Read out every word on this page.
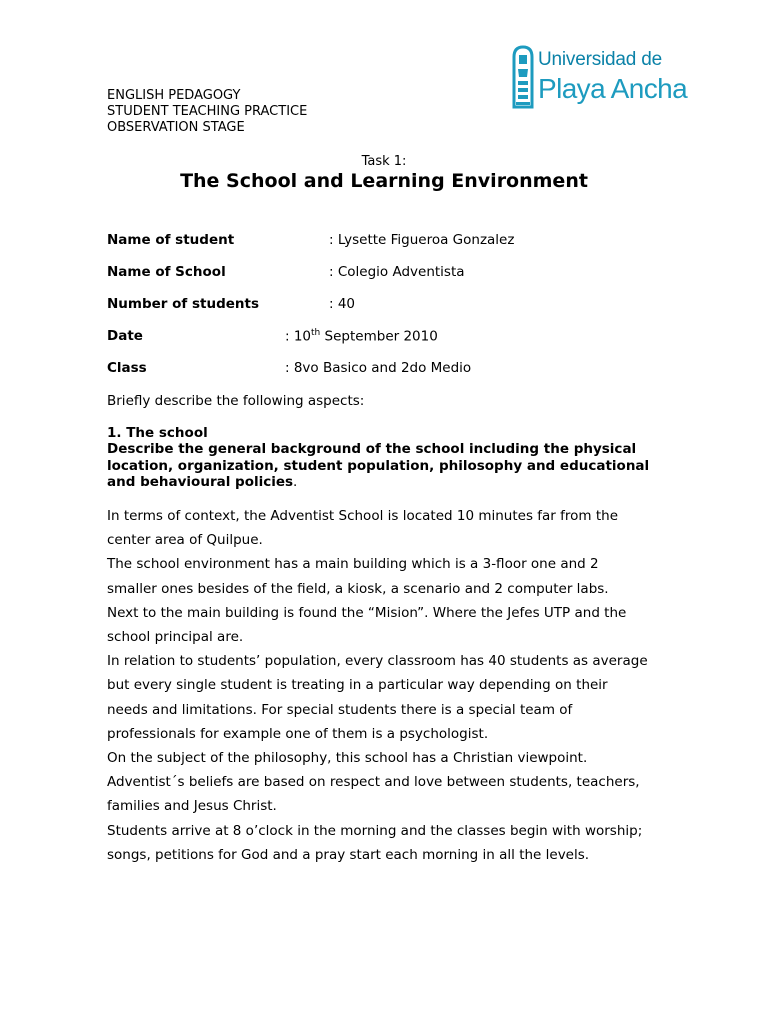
ENGLISH PEDAGOGY
STUDENT TEACHING PRACTICE
OBSERVATION STAGE
Universidad de
Playa Ancha
Task 1:
The School and Learning Environment
Name of student	: Lysette Figueroa Gonzalez
Name of School	: Colegio Adventista
Number of students	: 40
Date	: 10th September 2010
Class	: 8vo Basico and 2do Medio
Briefly describe the following aspects:
1. The school
Describe the general background of the school including the physical location, organization, student population, philosophy and educational and behavioural policies.
In terms of context, the Adventist School is located 10 minutes far from the
center area of Quilpue.
The school environment has a main building which is a 3-floor one and 2
smaller ones besides of the field, a kiosk, a scenario and 2 computer labs.
Next to the main building is found the “Mision”. Where the Jefes UTP and the
school principal are.
In relation to students’ population, every classroom has 40 students as average
but every single student is treating in a particular way depending on their
needs and limitations. For special students there is a special team of
professionals for example one of them is a psychologist.
On the subject of the philosophy, this school has a Christian viewpoint.
Adventist´s beliefs are based on respect and love between students, teachers,
families and Jesus Christ.
Students arrive at 8 o’clock in the morning and the classes begin with worship;
songs, petitions for God and a pray start each morning in all the levels.
